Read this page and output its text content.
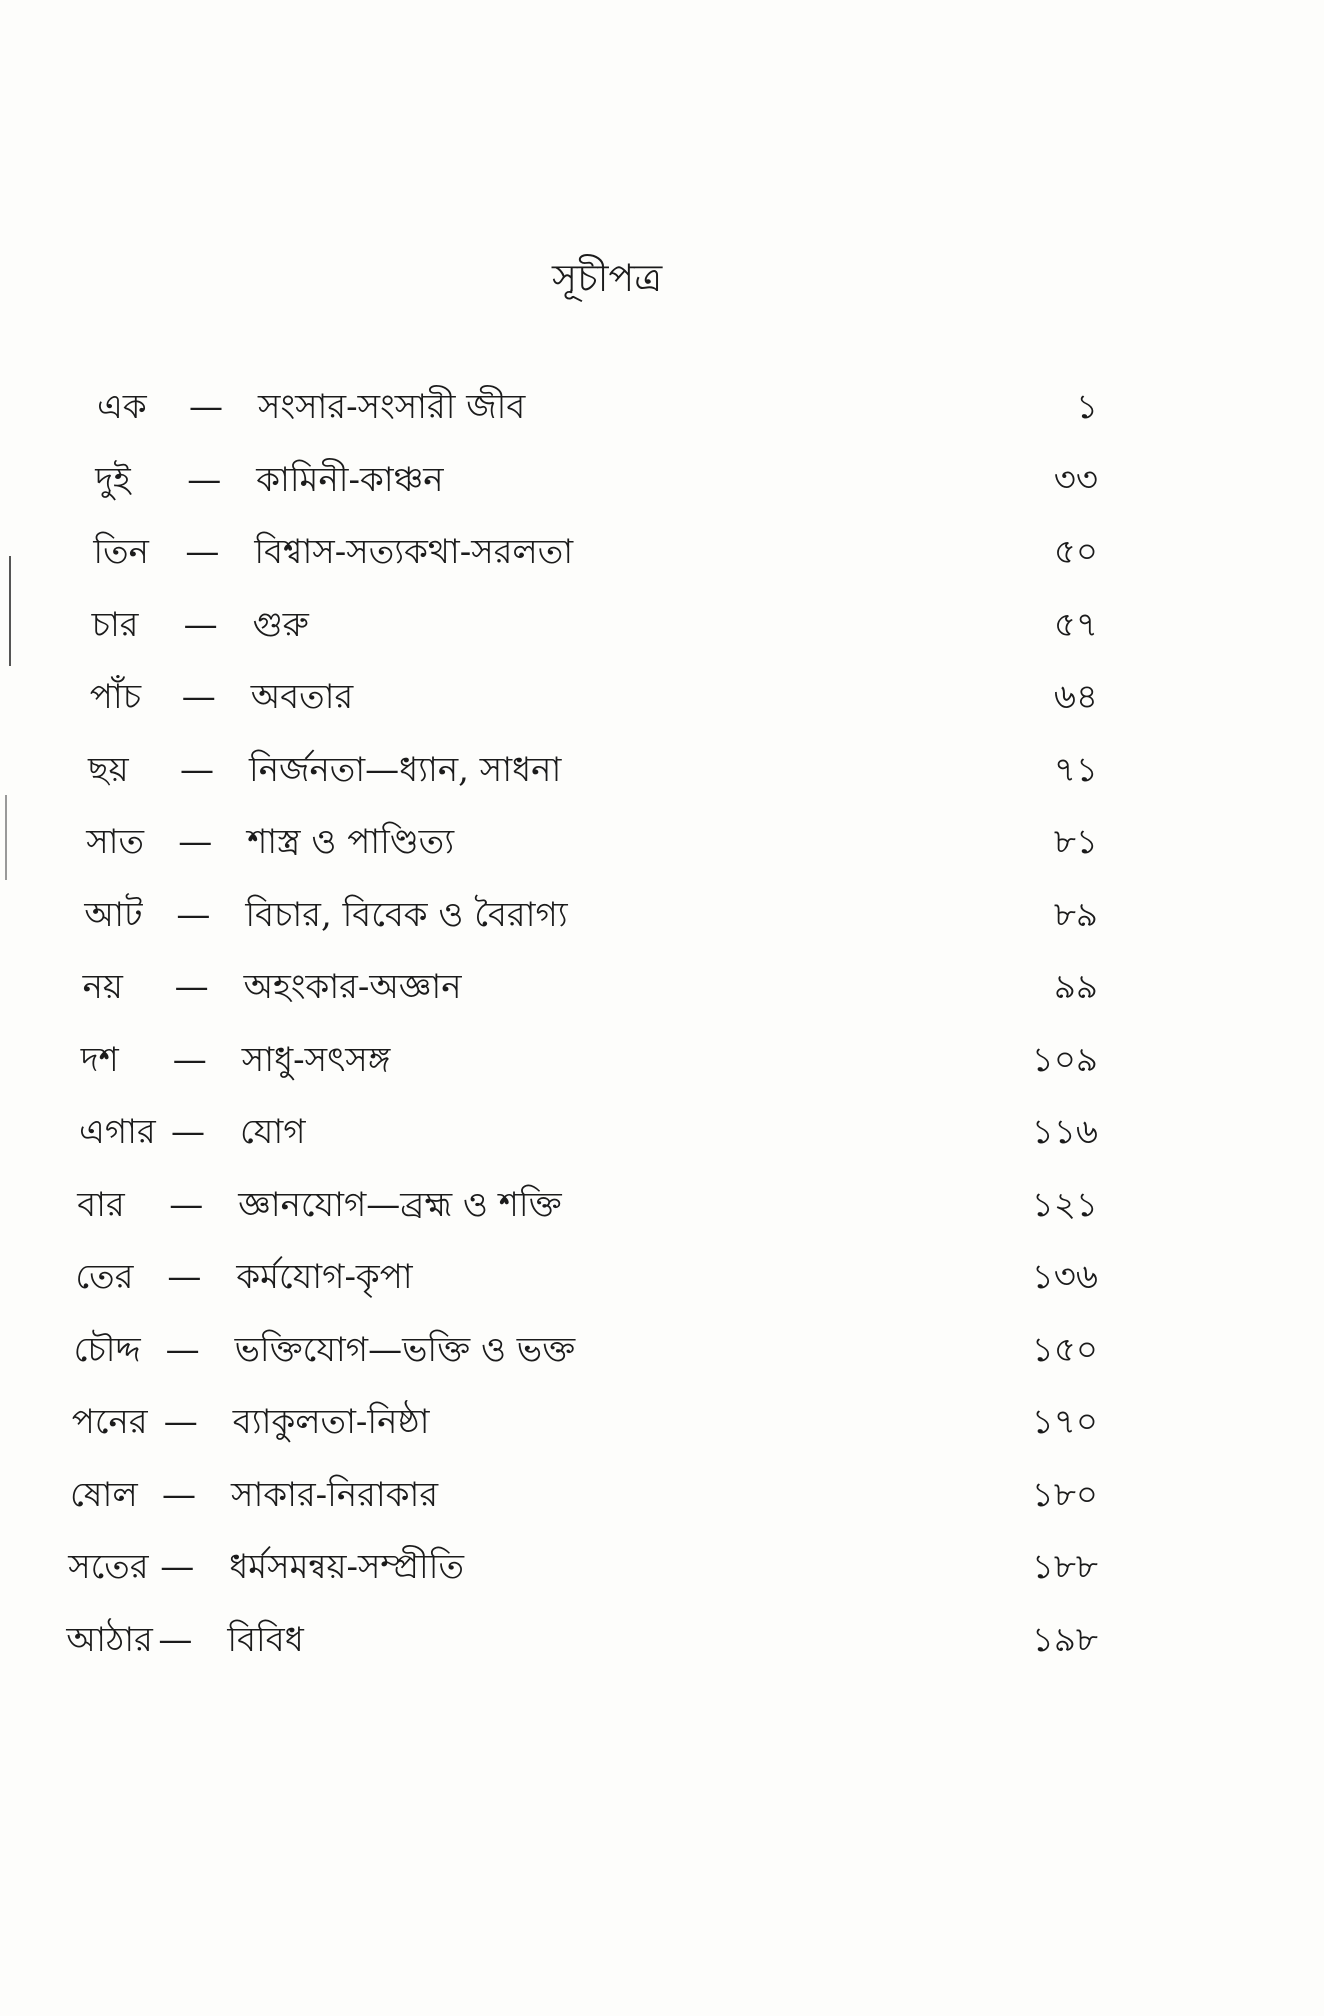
সূচীপত্র
এক — সংসার-সংসারী জীব	১
দুই — কামিনী-কাঞ্চন	৩৩
তিন — বিশ্বাস-সত্যকথা-সরলতা	৫০
চার — গুরু	৫৭
পাঁচ — অবতার	৬৪
ছয় — নির্জনতা—ধ্যান, সাধনা	৭১
সাত — শাস্ত্র ও পাণ্ডিত্য	৮১
আট — বিচার, বিবেক ও বৈরাগ্য	৮৯
নয় — অহংকার-অজ্ঞান	৯৯
দশ — সাধু-সৎসঙ্গ	১০৯
এগার — যোগ	১১৬
বার — জ্ঞানযোগ—ব্রহ্ম ও শক্তি	১২১
তের — কর্মযোগ-কৃপা	১৩৬
চৌদ্দ — ভক্তিযোগ—ভক্তি ও ভক্ত	১৫০
পনের — ব্যাকুলতা-নিষ্ঠা	১৭০
ষোল — সাকার-নিরাকার	১৮০
সতের — ধর্মসমন্বয়-সম্প্রীতি	১৮৮
আঠার — বিবিধ	১৯৮
